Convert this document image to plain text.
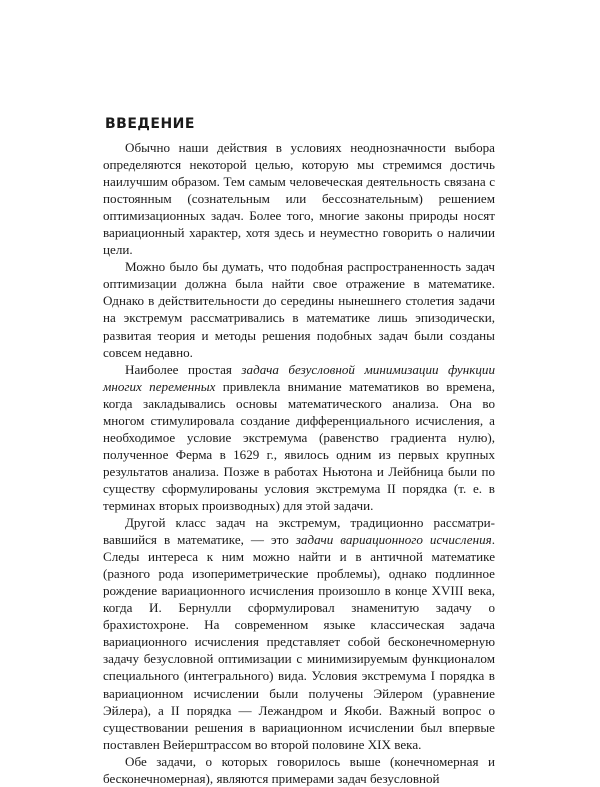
ВВЕДЕНИЕ

Обычно наши действия в условиях неоднозначности выбора определяются некоторой целью, которую мы стремимся достичь наилучшим образом. Тем самым человеческая деятельность связана с постоянным (сознательным или бессознательным) решением оптимизационных задач. Более того, многие законы природы носят вариационный характер, хотя здесь и неуместно говорить о наличии цели.

Можно было бы думать, что подобная распространенность задач оптимизации должна была найти свое отражение в математике. Однако в действительности до середины нынешнего столетия задачи на экстремум рассматривались в математике лишь эпизодически, развитая теория и методы решения подобных задач были созданы совсем недавно.

Наиболее простая задача безусловной минимизации функции многих переменных привлекла внимание математиков во времена, когда закладывались основы математического анализа. Она во многом стимулировала создание дифференциального исчисления, а необходимое условие экстремума (равенство градиента нулю), полученное Ферма в 1629 г., явилось одним из первых крупных результатов анализа. Позже в работах Ньютона и Лейбница были по существу сформулированы условия экстремума II порядка (т. е. в терминах вторых производных) для этой задачи.

Другой класс задач на экстремум, традиционно рассматривавшийся в математике, — это задачи вариационного исчисления. Следы интереса к ним можно найти и в античной математике (разного рода изопериметрические проблемы), однако подлинное рождение вариационного исчисления произошло в конце XVIII века, когда И. Бернулли сформулировал знаменитую задачу о брахистохроне. На современном языке классическая задача вариационного исчисления представляет собой бесконечномерную задачу безусловной оптимизации с минимизируемым функционалом специального (интегрального) вида. Условия экстремума I порядка в вариационном исчислении были получены Эйлером (уравнение Эйлера), а II порядка — Лежандром и Якоби. Важный вопрос о существовании решения в вариационном исчислении был впервые поставлен Вейерштрассом во второй половине XIX века.

Обе задачи, о которых говорилось выше (конечномерная и бесконечномерная), являются примерами задач безусловной
